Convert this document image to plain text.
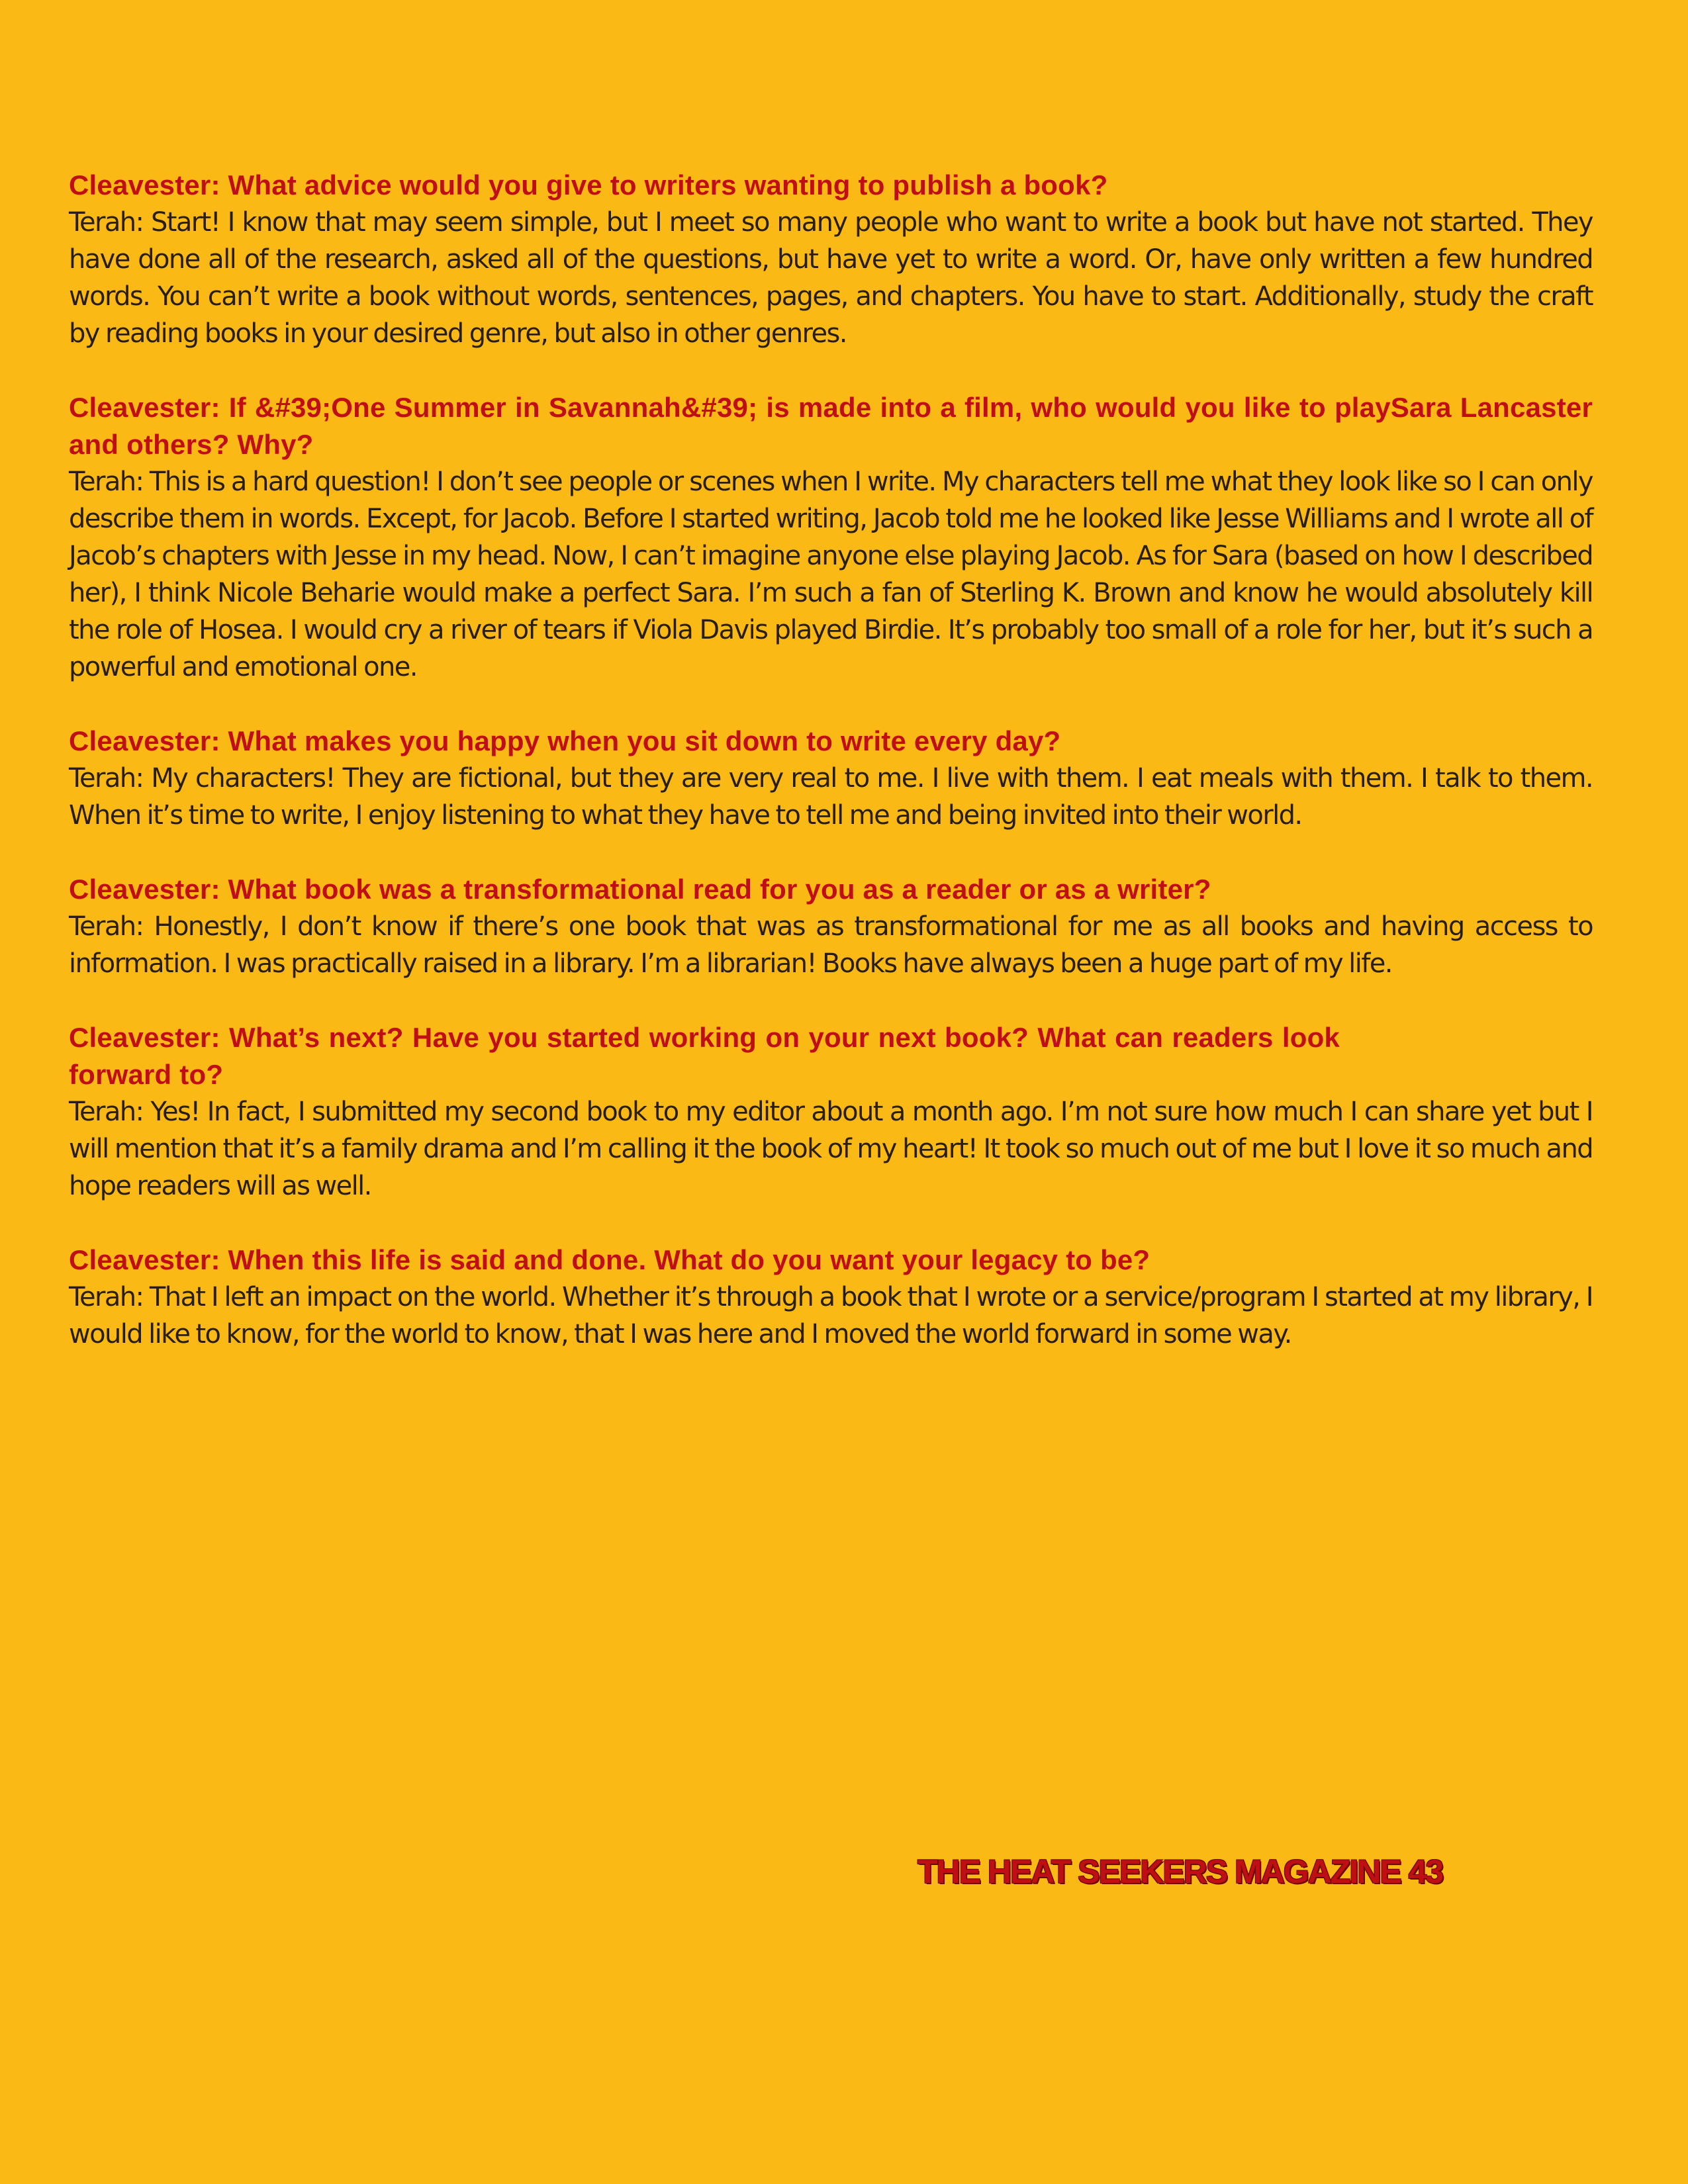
Cleavester: What advice would you give to writers wanting to publish a book?

Terah: Start! I know that may seem simple, but I meet so many people who want to write a book but have not started. They have done all of the research, asked all of the questions, but have yet to write a word. Or, have only written a few hundred words. You can’t write a book without words, sentences, pages, and chapters. You have to start. Additionally, study the craft by reading books in your desired genre, but also in other genres.

Cleavester: If &#39;One Summer in Savannah&#39; is made into a film, who would you like to playSara Lancaster and others? Why?

Terah: This is a hard question! I don’t see people or scenes when I write. My characters tell me what they look like so I can only describe them in words. Except, for Jacob. Before I started writing, Jacob told me he looked like Jesse Williams and I wrote all of Jacob’s chapters with Jesse in my head. Now, I can’t imagine anyone else playing Jacob. As for Sara (based on how I described her), I think Nicole Beharie would make a perfect Sara. I’m such a fan of Sterling K. Brown and know he would absolutely kill the role of Hosea. I would cry a river of tears if Viola Davis played Birdie. It’s probably too small of a role for her, but it’s such a powerful and emotional one.

Cleavester: What makes you happy when you sit down to write every day?

Terah: My characters! They are fictional, but they are very real to me. I live with them. I eat meals with them. I talk to them. When it’s time to write, I enjoy listening to what they have to tell me and being invited into their world.

Cleavester: What book was a transformational read for you as a reader or as a writer?

Terah: Honestly, I don’t know if there’s one book that was as transformational for me as all books and having access to information. I was practically raised in a library. I’m a librarian! Books have always been a huge part of my life.

Cleavester: What’s next? Have you started working on your next book? What can readers look forward to?

Terah: Yes! In fact, I submitted my second book to my editor about a month ago. I’m not sure how much I can share yet but I will mention that it’s a family drama and I’m calling it the book of my heart! It took so much out of me but I love it so much and hope readers will as well.

Cleavester: When this life is said and done. What do you want your legacy to be?

Terah: That I left an impact on the world. Whether it’s through a book that I wrote or a service/program I started at my library, I would like to know, for the world to know, that I was here and I moved the world forward in some way.

THE HEAT SEEKERS MAGAZINE 43
